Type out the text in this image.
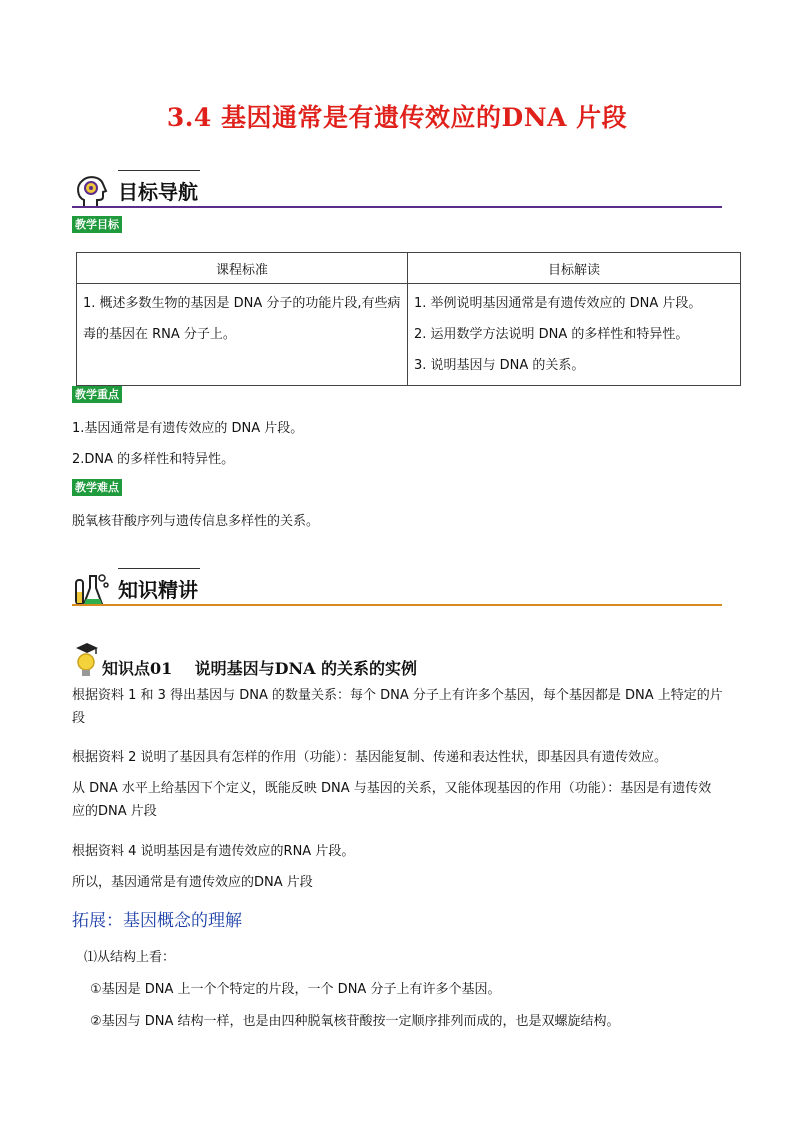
3.4 基因通常是有遗传效应的DNA 片段
目标导航
教学目标
课程标准	目标解读
1. 概述多数生物的基因是 DNA 分子的功能片段,有些病毒的基因在 RNA 分子上。	1. 举例说明基因通常是有遗传效应的 DNA 片段。
2. 运用数学方法说明 DNA 的多样性和特异性。
3. 说明基因与 DNA 的关系。
教学重点
1.基因通常是有遗传效应的 DNA 片段。
2.DNA 的多样性和特异性。
教学难点
脱氧核苷酸序列与遗传信息多样性的关系。
知识精讲
知识点01 说明基因与DNA 的关系的实例
根据资料 1 和 3 得出基因与 DNA 的数量关系：每个 DNA 分子上有许多个基因，每个基因都是 DNA 上特定的片段
根据资料 2 说明了基因具有怎样的作用（功能）：基因能复制、传递和表达性状，即基因具有遗传效应。
从 DNA 水平上给基因下个定义，既能反映 DNA 与基因的关系，又能体现基因的作用（功能）：基因是有遗传效应的DNA 片段
根据资料 4 说明基因是有遗传效应的RNA 片段。
所以，基因通常是有遗传效应的DNA 片段
拓展：基因概念的理解
⑴从结构上看：
①基因是 DNA 上一个个特定的片段，一个 DNA 分子上有许多个基因。
②基因与 DNA 结构一样，也是由四种脱氧核苷酸按一定顺序排列而成的，也是双螺旋结构。
